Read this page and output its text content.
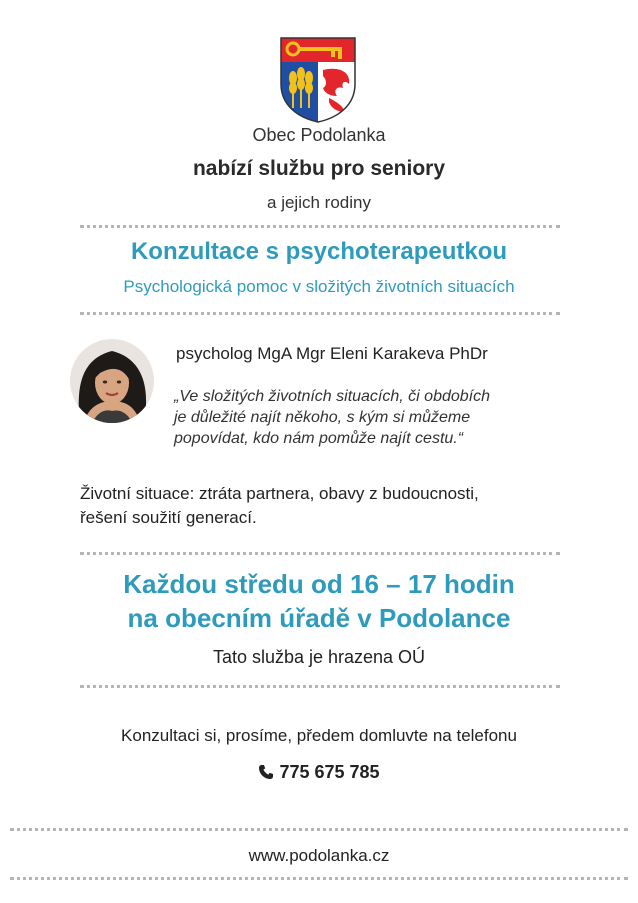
Obec Podolanka
nabízí službu pro seniory
a jejich rodiny
Konzultace s psychoterapeutkou
Psychologická pomoc v složitých životních situacích
psycholog MgA Mgr Eleni Karakeva PhDr
„Ve složitých životních situacích, či obdobích
je důležité najít někoho, s kým si můžeme
popovídat, kdo nám pomůže najít cestu.“
Životní situace: ztráta partnera, obavy z budoucnosti,
řešení soužití generací.
Každou středu od 16 – 17 hodin
na obecním úřadě v Podolance
Tato služba je hrazena OÚ
Konzultaci si, prosíme, předem domluvte na telefonu
775 675 785
www.podolanka.cz
